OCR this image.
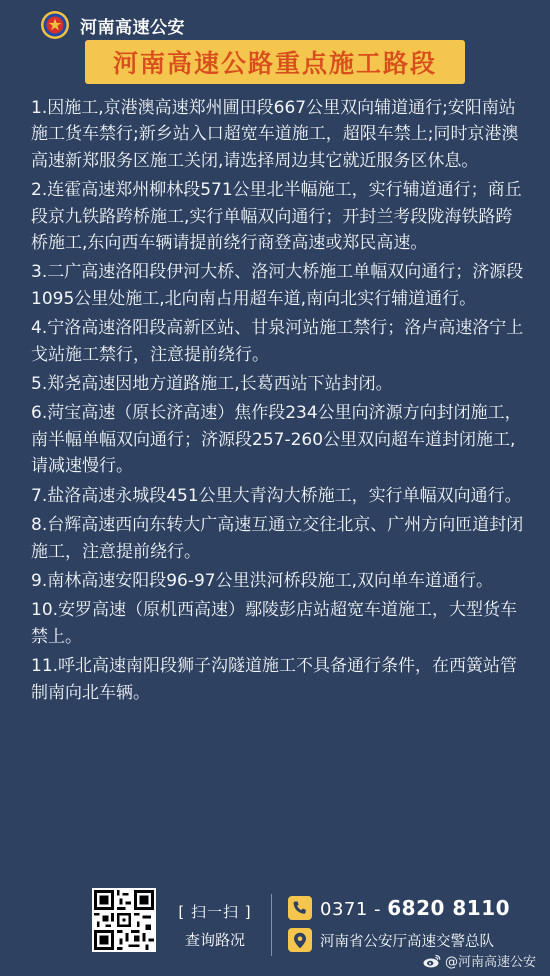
河南高速公安
河南高速公路重点施工路段

1.因施工,京港澳高速郑州圃田段667公里双向辅道通行;安阳南站施工货车禁行;新乡站入口超宽车道施工，超限车禁上;同时京港澳高速新郑服务区施工关闭,请选择周边其它就近服务区休息。

2.连霍高速郑州柳林段571公里北半幅施工，实行辅道通行；商丘段京九铁路跨桥施工,实行单幅双向通行；开封兰考段陇海铁路跨桥施工,东向西车辆请提前绕行商登高速或郑民高速。

3.二广高速洛阳段伊河大桥、洛河大桥施工单幅双向通行；济源段1095公里处施工,北向南占用超车道,南向北实行辅道通行。

4.宁洛高速洛阳段高新区站、甘泉河站施工禁行；洛卢高速洛宁上戈站施工禁行，注意提前绕行。

5.郑尧高速因地方道路施工,长葛西站下站封闭。

6.菏宝高速（原长济高速）焦作段234公里向济源方向封闭施工，南半幅单幅双向通行；济源段257-260公里双向超车道封闭施工,请减速慢行。

7.盐洛高速永城段451公里大青沟大桥施工，实行单幅双向通行。

8.台辉高速西向东转大广高速互通立交往北京、广州方向匝道封闭施工，注意提前绕行。

9.南林高速安阳段96-97公里洪河桥段施工,双向单车道通行。

10.安罗高速（原机西高速）鄢陵彭店站超宽车道施工，大型货车禁上。

11.呼北高速南阳段狮子沟隧道施工不具备通行条件，在西簧站管制南向北车辆。

[ 扫一扫 ]
查询路况
0371 - 6820 8110
河南省公安厅高速交警总队
@河南高速公安
